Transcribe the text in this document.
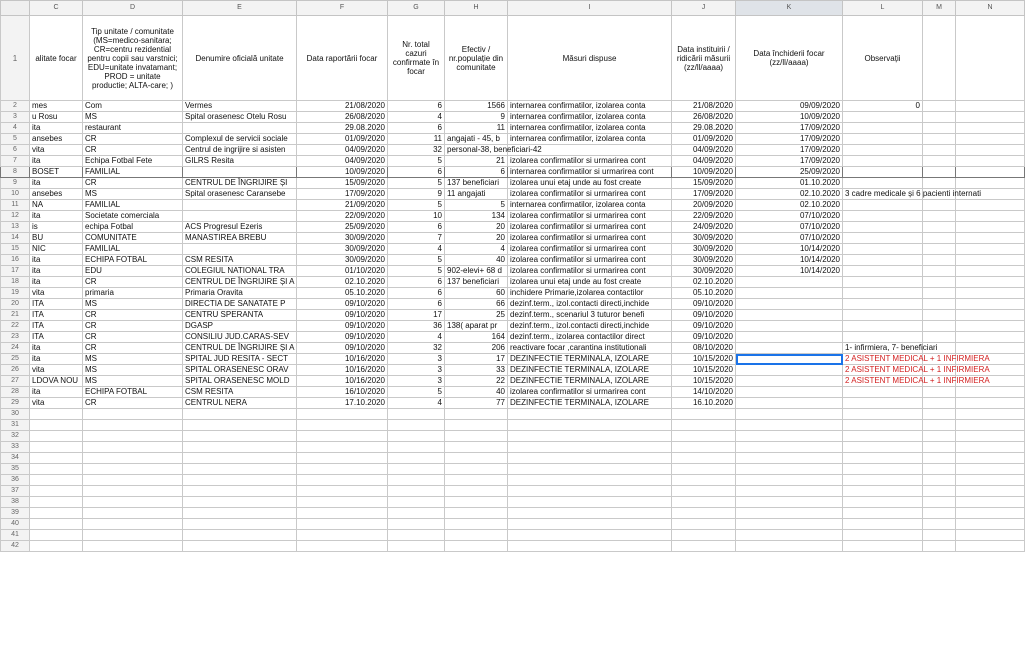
	C	D	E	F	G	H	I	J	K	L	M	N
1	alitate focar	Tip unitate / comunitate (MS=medico-sanitara; CR=centru rezidential pentru copii sau varstnici; EDU=unitate invatamant; PROD = unitate productie; ALTA-care; )	Denumire oficială unitate	Data raportării focar	Nr. total cazuri confirmate în focar	Efectiv / nr.populație din comunitate	Măsuri dispuse	Data instituirii / ridicării măsurii (zz/ll/aaaa)	Data închiderii focar (zz/ll/aaaa)	Observații		
2	mes	Com	Vermes	21/08/2020	6	1566	internarea confirmatilor, izolarea conta	21/08/2020	09/09/2020	0		
3	u Rosu	MS	Spital orasenesc Otelu Rosu	26/08/2020	4	9	internarea confirmatilor, izolarea conta	26/08/2020	10/09/2020			
4	ita	restaurant		29.08.2020	6	11	internarea confirmatilor, izolarea conta	29.08.2020	17/09/2020			
5	ansebes	CR	Complexul de servicii sociale	01/09/2020	11	angajati - 45, b	internarea confirmatilor, izolarea conta	01/09/2020	17/09/2020			
6	vita	CR	Centrul de ingrijire si asisten	04/09/2020	32	personal-38, beneficiari-42		04/09/2020	17/09/2020			
7	ita	Echipa Fotbal Fete	GILRS Resita	04/09/2020	5	21	izolarea confirmatilor si urmarirea cont	04/09/2020	17/09/2020			
8	BOSET	FAMILIAL		10/09/2020	6	6	internarea confirmatilor si urmarirea cont	10/09/2020	25/09/2020			
9	ita	CR	CENTRUL DE ÎNGRIJIRE ȘI	15/09/2020	5	137 beneficiari	izolarea unui etaj unde au fost create	15/09/2020	01.10.2020			
10	ansebes	MS	Spital orasenesc Caransebe	17/09/2020	9	11 angajati	izolarea confirmatilor si urmarirea cont	17/09/2020	02.10.2020	3 cadre medicale și 6 pacienti internati		
11	NA	FAMILIAL		21/09/2020	5	5	internarea confirmatilor, izolarea conta	20/09/2020	02.10.2020			
12	ita	Societate comerciala		22/09/2020	10	134	izolarea confirmatilor si urmarirea cont	22/09/2020	07/10/2020			
13	is	echipa Fotbal	ACS Progresul Ezeris	25/09/2020	6	20	izolarea confirmatilor si urmarirea cont	24/09/2020	07/10/2020			
14	BU	COMUNITATE	MANASTIREA BREBU	30/09/2020	7	20	izolarea confirmatilor si urmarirea cont	30/09/2020	07/10/2020			
15	NIC	FAMILIAL		30/09/2020	4	4	izolarea confirmatilor si urmarirea cont	30/09/2020	10/14/2020			
16	ita	ECHIPA FOTBAL	CSM RESITA	30/09/2020	5	40	izolarea confirmatilor si urmarirea cont	30/09/2020	10/14/2020			
17	ita	EDU	COLEGIUL NATIONAL TRA	01/10/2020	5	902-elevi+ 68 d	izolarea confirmatilor si urmarirea cont	30/09/2020	10/14/2020			
18	ita	CR	CENTRUL DE ÎNGRIJIRE ȘI A	02.10.2020	6	137 beneficiari	izolarea unui etaj unde au fost create	02.10.2020				
19	vita	primaria	Primaria Oravita	05.10.2020	6	60	inchidere Primarie,izolarea contactilor	05.10.2020				
20	ITA	MS	DIRECTIA DE SANATATE P	09/10/2020	6	66	dezinf.term., izol.contacti directi,inchide	09/10/2020				
21	ITA	CR	CENTRU SPERANTA	09/10/2020	17	25	dezinf.term., scenariul 3 tuturor benefi	09/10/2020				
22	ITA	CR	DGASP	09/10/2020	36	138( aparat pr	dezinf.term., izol.contacti directi,inchide	09/10/2020				
23	ITA	CR	CONSILIU JUD.CARAS-SEV	09/10/2020	4	164	dezinf.term., izolarea contactilor direct	09/10/2020				
24	ita	CR	CENTRUL DE ÎNGRIJIRE ȘI A	09/10/2020	32	206	reactivare focar ,carantina institutionali	08/10/2020		1- infirmiera, 7- beneficiari		
25	ita	MS	SPITAL JUD RESITA - SECT	10/16/2020	3	17	DEZINFECTIE TERMINALA, IZOLARE	10/15/2020		2 ASISTENT MEDICAL + 1 INFIRMIERA		
26	vita	MS	SPITAL ORASENESC ORAV	10/16/2020	3	33	DEZINFECTIE TERMINALA, IZOLARE	10/15/2020		2 ASISTENT MEDICAL + 1 INFIRMIERA		
27	LDOVA NOU	MS	SPITAL ORASENESC MOLD	10/16/2020	3	22	DEZINFECTIE TERMINALA, IZOLARE	10/15/2020		2 ASISTENT MEDICAL + 1 INFIRMIERA		
28	ita	ECHIPA FOTBAL	CSM RESITA	16/10/2020	5	40	izolarea confirmatilor si urmarirea cont	14/10/2020				
29	vita	CR	CENTRUL NERA	17.10.2020	4	77	DEZINFECTIE TERMINALA, IZOLARE	16.10.2020				
30												
31												
32												
33												
34												
35												
36												
37												
38												
39												
40												
41												
42												
